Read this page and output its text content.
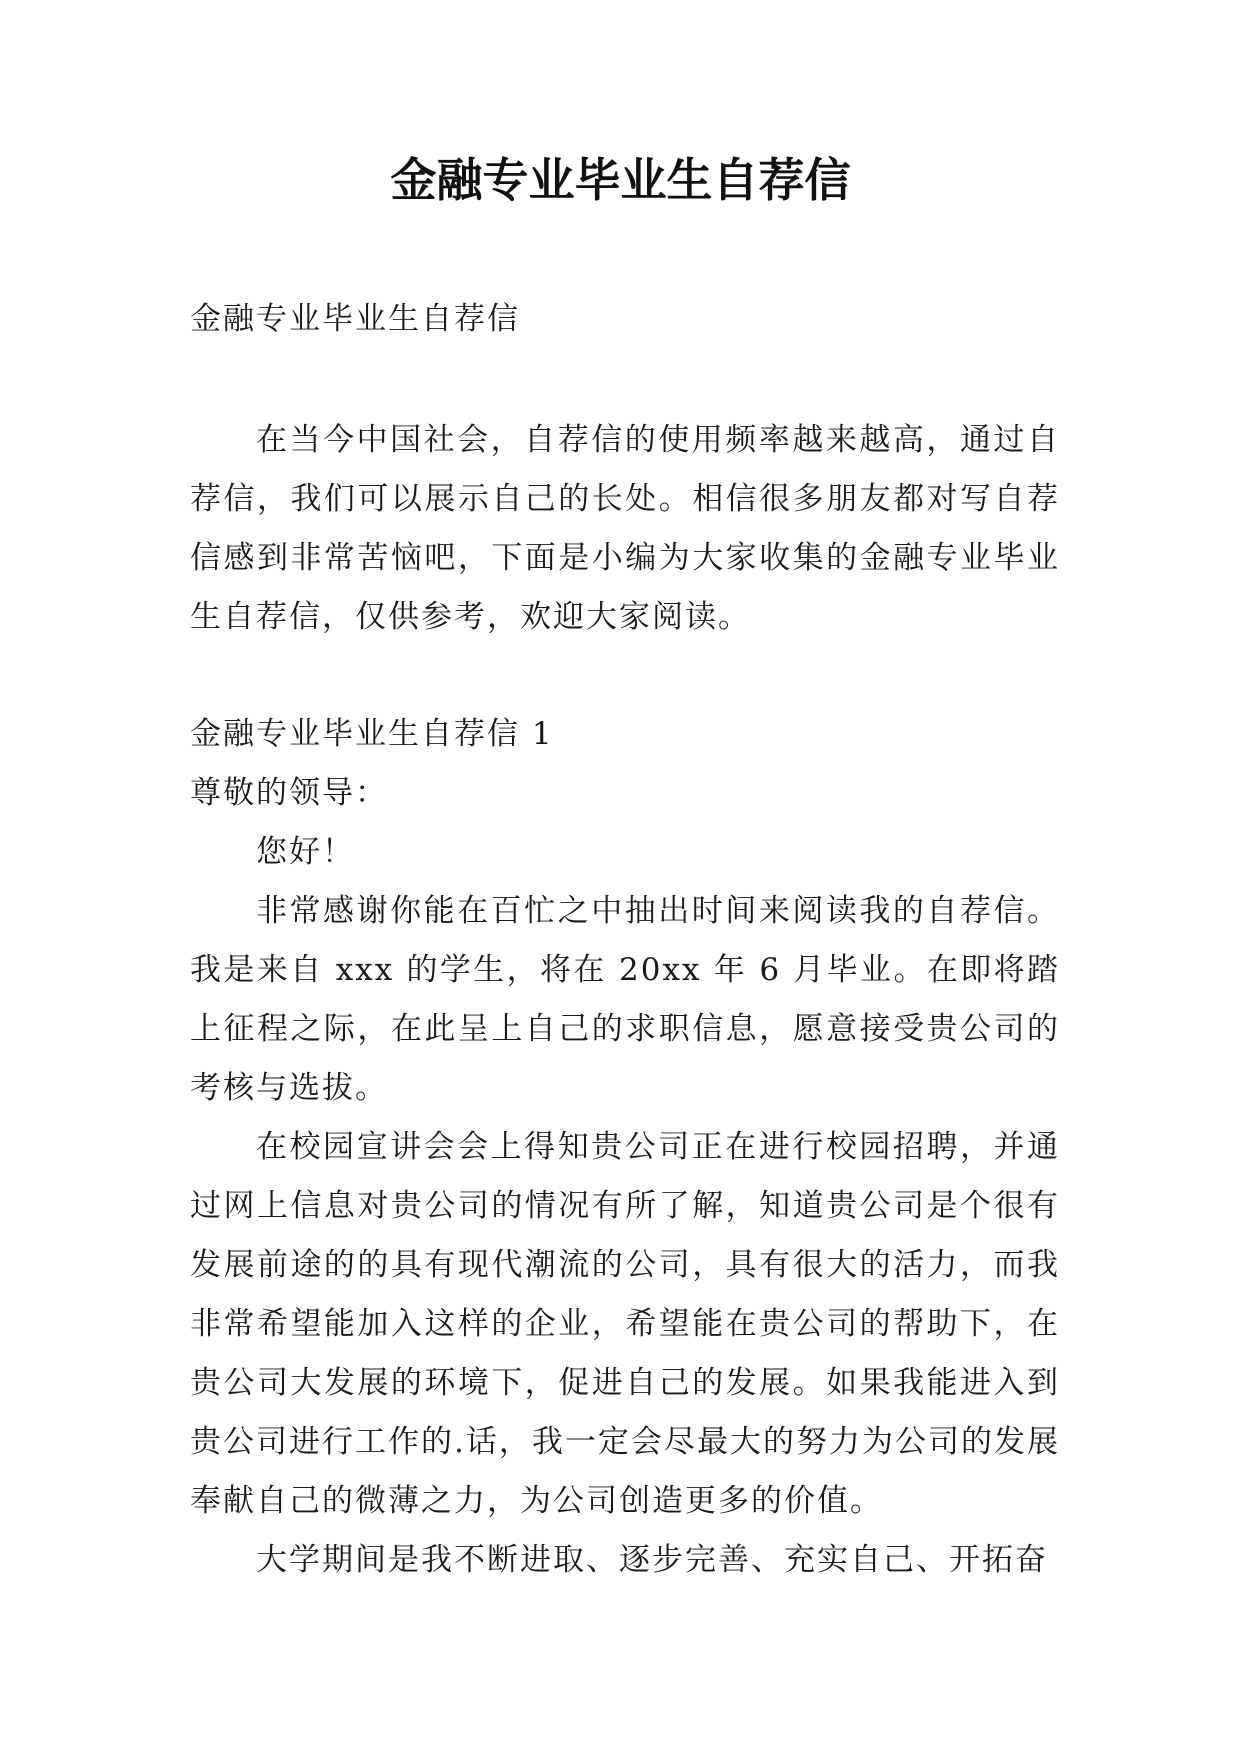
金融专业毕业生自荐信

金融专业毕业生自荐信

在当今中国社会，自荐信的使用频率越来越高，通过自荐信，我们可以展示自己的长处。相信很多朋友都对写自荐信感到非常苦恼吧，下面是小编为大家收集的金融专业毕业生自荐信，仅供参考，欢迎大家阅读。

金融专业毕业生自荐信 1

尊敬的领导：

您好！

非常感谢你能在百忙之中抽出时间来阅读我的自荐信。我是来自 xxx 的学生，将在 20xx 年 6 月毕业。在即将踏上征程之际，在此呈上自己的求职信息，愿意接受贵公司的考核与选拔。

在校园宣讲会会上得知贵公司正在进行校园招聘，并通过网上信息对贵公司的情况有所了解，知道贵公司是个很有发展前途的的具有现代潮流的公司，具有很大的活力，而我非常希望能加入这样的企业，希望能在贵公司的帮助下，在贵公司大发展的环境下，促进自己的发展。如果我能进入到贵公司进行工作的.话，我一定会尽最大的努力为公司的发展奉献自己的微薄之力，为公司创造更多的价值。

大学期间是我不断进取、逐步完善、充实自己、开拓奋
